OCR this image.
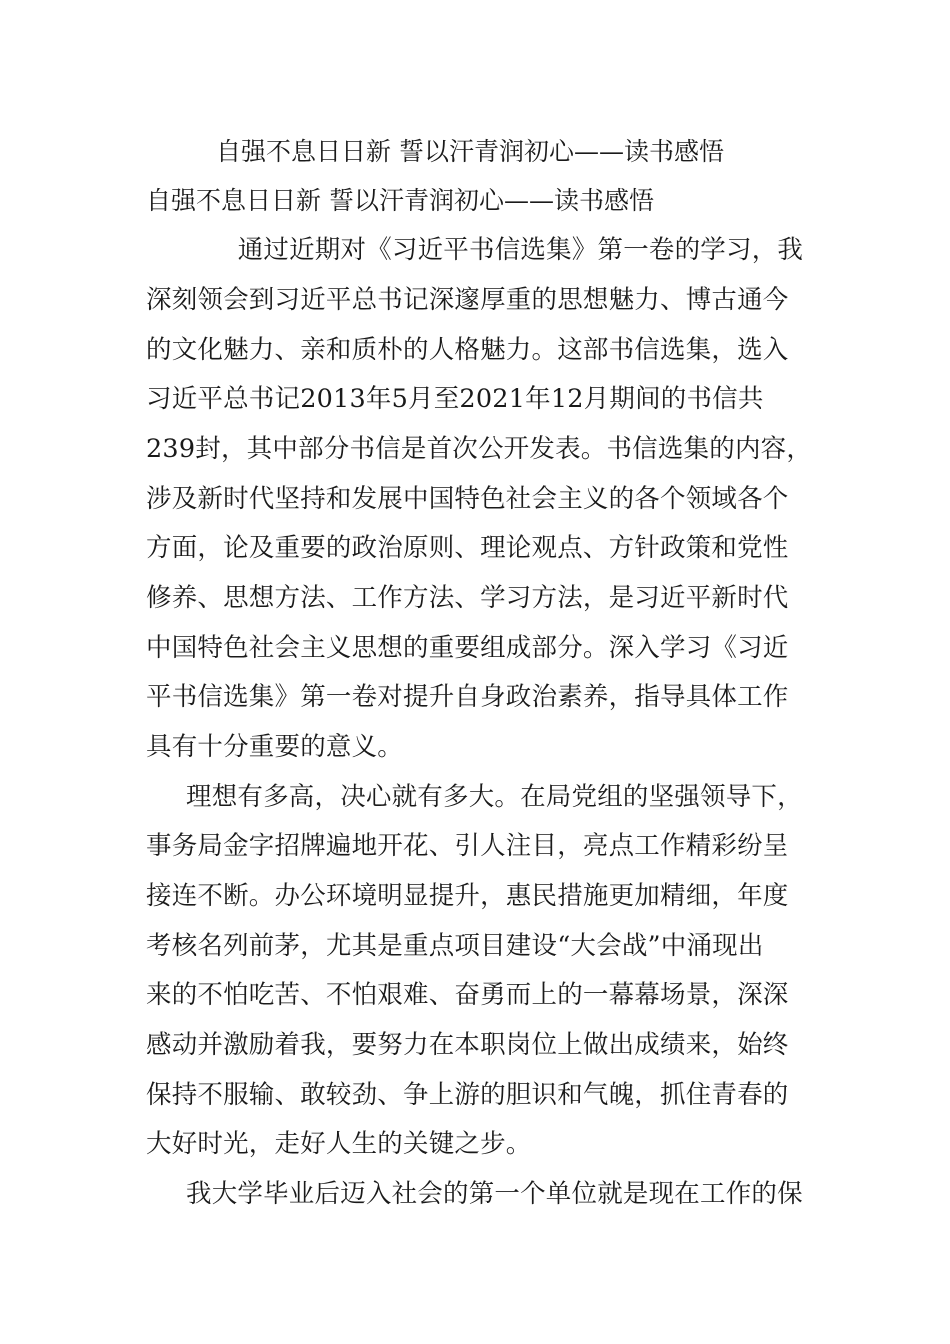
自强不息日日新 誓以汗青润初心——读书感悟
自强不息日日新 誓以汗青润初心——读书感悟
　通过近期对《习近平书信选集》第一卷的学习，我
深刻领会到习近平总书记深邃厚重的思想魅力、博古通今
的文化魅力、亲和质朴的人格魅力。这部书信选集，选入
习近平总书记2013年5月至2021年12月期间的书信共
239封，其中部分书信是首次公开发表。书信选集的内容，
涉及新时代坚持和发展中国特色社会主义的各个领域各个
方面，论及重要的政治原则、理论观点、方针政策和党性
修养、思想方法、工作方法、学习方法，是习近平新时代
中国特色社会主义思想的重要组成部分。深入学习《习近
平书信选集》第一卷对提升自身政治素养，指导具体工作
具有十分重要的意义。
理想有多高，决心就有多大。在局党组的坚强领导下，
事务局金字招牌遍地开花、引人注目，亮点工作精彩纷呈
接连不断。办公环境明显提升，惠民措施更加精细，年度
考核名列前茅，尤其是重点项目建设“大会战”中涌现出
来的不怕吃苦、不怕艰难、奋勇而上的一幕幕场景，深深
感动并激励着我，要努力在本职岗位上做出成绩来，始终
保持不服输、敢较劲、争上游的胆识和气魄，抓住青春的
大好时光，走好人生的关键之步。
我大学毕业后迈入社会的第一个单位就是现在工作的保
